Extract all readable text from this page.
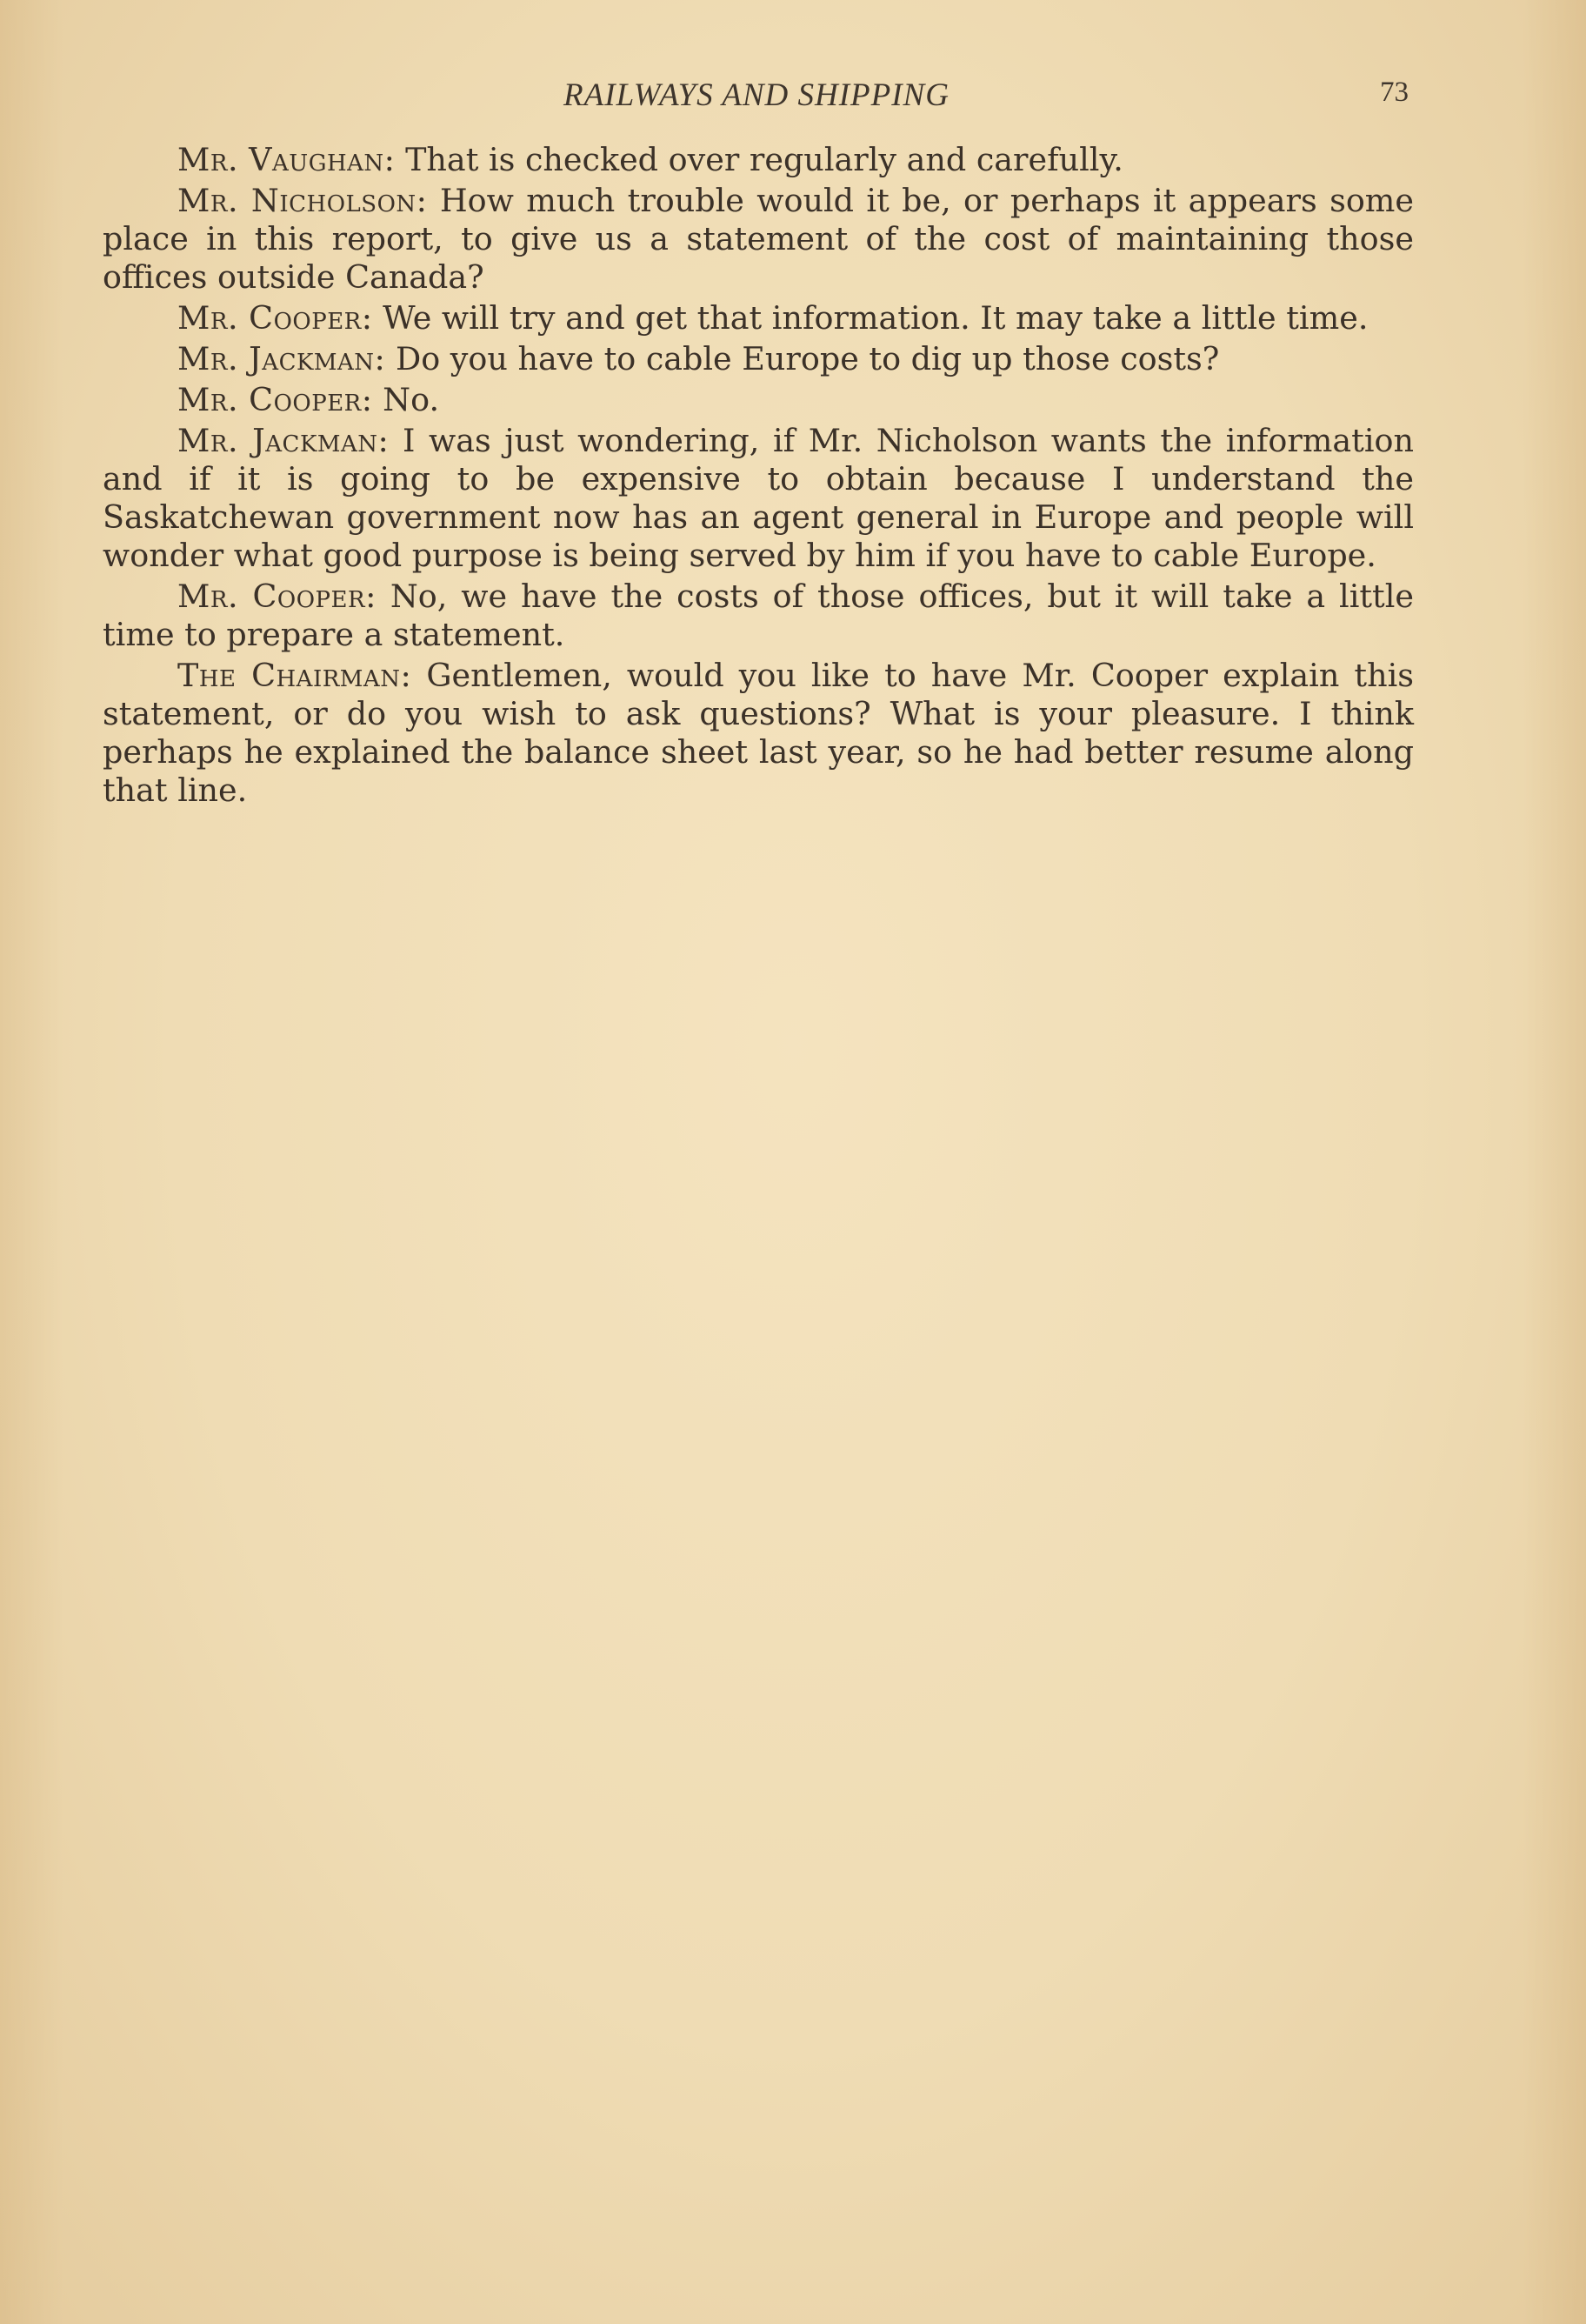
RAILWAYS AND SHIPPING	73

Mr. Vaughan: That is checked over regularly and carefully.

Mr. Nicholson: How much trouble would it be, or perhaps it appears some place in this report, to give us a statement of the cost of maintaining those offices outside Canada?

Mr. Cooper: We will try and get that information. It may take a little time.

Mr. Jackman: Do you have to cable Europe to dig up those costs?

Mr. Cooper: No.

Mr. Jackman: I was just wondering, if Mr. Nicholson wants the information and if it is going to be expensive to obtain because I understand the Saskatchewan government now has an agent general in Europe and people will wonder what good purpose is being served by him if you have to cable Europe.

Mr. Cooper: No, we have the costs of those offices, but it will take a little time to prepare a statement.

The Chairman: Gentlemen, would you like to have Mr. Cooper explain this statement, or do you wish to ask questions? What is your pleasure. I think perhaps he explained the balance sheet last year, so he had better resume along that line.
